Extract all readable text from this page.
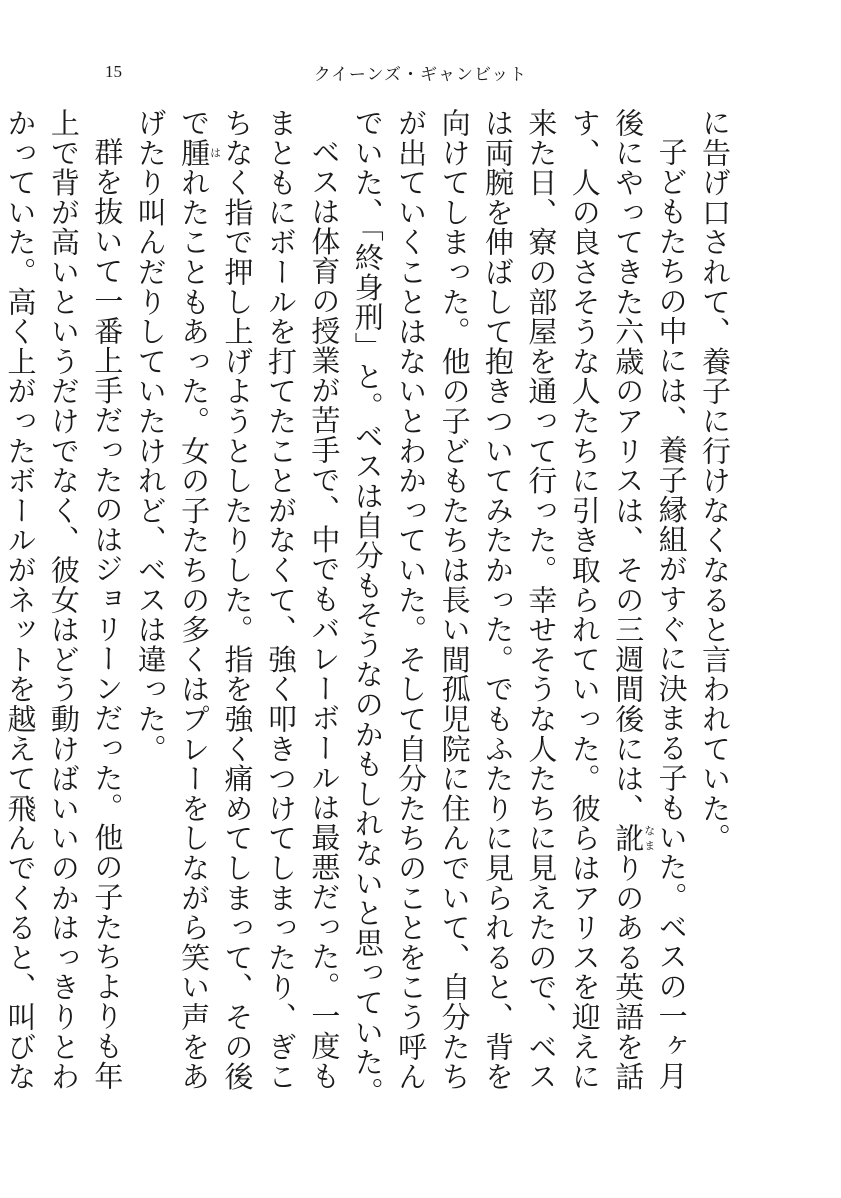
15	クイーンズ・ギャンビット

に告げ口されて、養子に行けなくなると言われていた。

子どもたちの中には、養子縁組がすぐに決まる子もいた。ベスの一ヶ月後にやってきた六歳のアリスは、その三週間後には、訛なまりのある英語を話す、人の良さそうな人たちに引き取られていった。彼らはアリスを迎えに来た日、寮の部屋を通って行った。幸せそうな人たちに見えたので、ベスは両腕を伸ばして抱きついてみたかった。でもふたりに見られると、背を向けてしまった。他の子どもたちは長い間孤児院に住んでいて、自分たちが出ていくことはないとわかっていた。そして自分たちのことをこう呼んでいた、「終身刑」と。ベスは自分もそうなのかもしれないと思っていた。

ベスは体育の授業が苦手で、中でもバレーボールは最悪だった。一度もまともにボールを打てたことがなくて、強く叩きつけてしまったり、ぎこちなく指で押し上げようとしたりした。指を強く痛めてしまって、その後で腫はれたこともあった。女の子たちの多くはプレーをしながら笑い声をあげたり叫んだりしていたけれど、ベスは違った。

群を抜いて一番上手だったのはジョリーンだった。他の子たちよりも年上で背が高いというだけでなく、彼女はどう動けばいいのかはっきりとわかっていた。高く上がったボールがネットを越えて飛んでくると、叫びな
